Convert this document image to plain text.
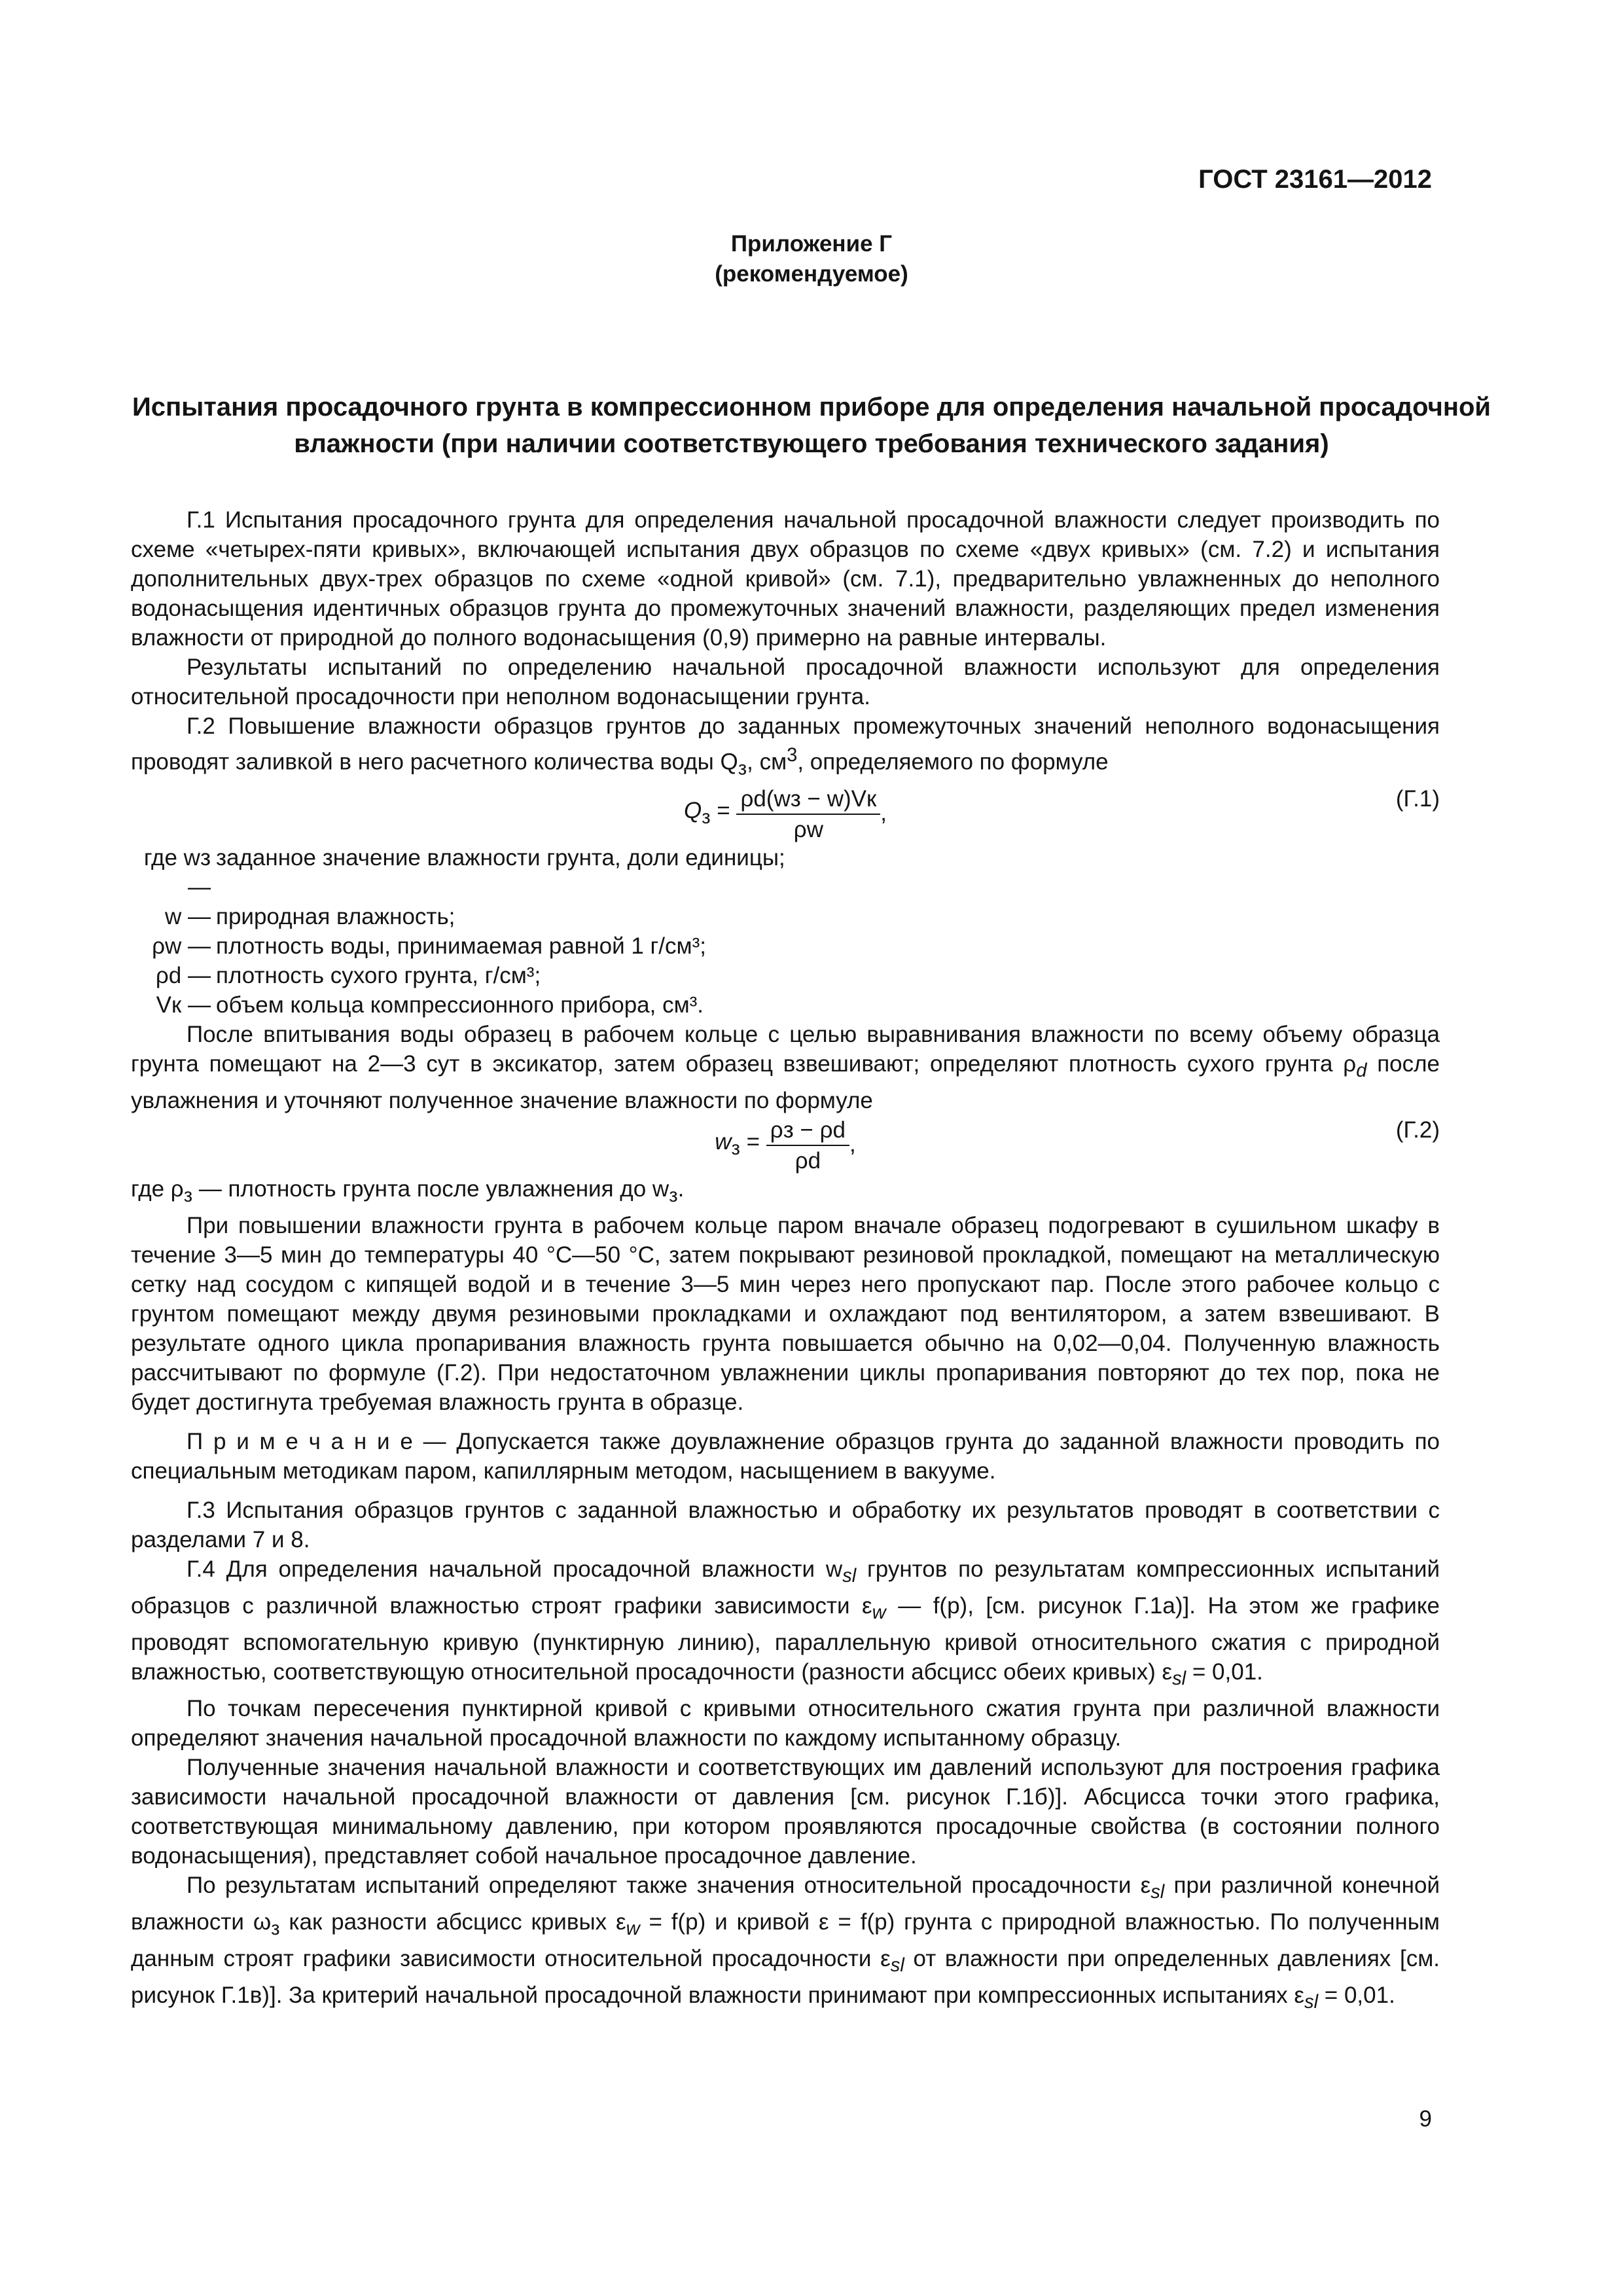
ГОСТ 23161—2012
Приложение Г
(рекомендуемое)
Испытания просадочного грунта в компрессионном приборе для определения начальной просадочной влажности (при наличии соответствующего требования технического задания)

Г.1 Испытания просадочного грунта для определения начальной просадочной влажности следует производить по схеме «четырех-пяти кривых», включающей испытания двух образцов по схеме «двух кривых» (см. 7.2) и испытания дополнительных двух-трех образцов по схеме «одной кривой» (см. 7.1), предварительно увлажненных до неполного водонасыщения идентичных образцов грунта до промежуточных значений влажности, разделяющих предел изменения влажности от природной до полного водонасыщения (0,9) примерно на равные интервалы.

Результаты испытаний по определению начальной просадочной влажности используют для определения относительной просадочности при неполном водонасыщении грунта.

Г.2 Повышение влажности образцов грунтов до заданных промежуточных значений неполного водонасыщения проводят заливкой в него расчетного количества воды $Q_з$, $см^3$, определяемого по формуле

$Q_з = \frac{\rho d(wз - w)Vк}{\rho w}$ ,
(Г.1)
где wз —
заданное значение влажности грунта, доли единицы;
w — природная влажность;
ρw — плотность воды, принимаемая равной 1 г/см³;
ρd — плотность сухого грунта, г/см³;
Vк — объем кольца компрессионного прибора, см³.

После впитывания воды образец в рабочем кольце с целью выравнивания влажности по всему объему образца грунта помещают на 2—3 сут в эксикатор, затем образец взвешивают; определяют плотность сухого грунта $\rho_d$ после увлажнения и уточняют полученное значение влажности по формуле

$w_з = \frac{\rho з - \rho d}{\rho d}$ ,
(Г.2)
где $\rho_з$ — плотность грунта после увлажнения до $w_з$.

При повышении влажности грунта в рабочем кольце паром вначале образец подогревают в сушильном шкафу в течение 3—5 мин до температуры 40 °С—50 °С, затем покрывают резиновой прокладкой, помещают на металлическую сетку над сосудом с кипящей водой и в течение 3—5 мин через него пропускают пар. После этого рабочее кольцо с грунтом помещают между двумя резиновыми прокладками и охлаждают под вентилятором, а затем взвешивают. В результате одного цикла пропаривания влажность грунта повышается обычно на 0,02—0,04. Полученную влажность рассчитывают по формуле (Г.2). При недостаточном увлажнении циклы пропаривания повторяют до тех пор, пока не будет достигнута требуемая влажность грунта в образце.

П р и м е ч а н и е — Допускается также доувлажнение образцов грунта до заданной влажности проводить по специальным методикам паром, капиллярным методом, насыщением в вакууме.

Г.3 Испытания образцов грунтов с заданной влажностью и обработку их результатов проводят в соответствии с разделами 7 и 8.

Г.4 Для определения начальной просадочной влажности $w_{sl}$ грунтов по результатам компрессионных испытаний образцов с различной влажностью строят графики зависимости $\varepsilon_w$ — f(p), [см. рисунок Г.1а)]. На этом же графике проводят вспомогательную кривую (пунктирную линию), параллельную кривой относительного сжатия с природной влажностью, соответствующую относительной просадочности (разности абсцисс обеих кривых) $\varepsilon_{sl} = 0,01$.

По точкам пересечения пунктирной кривой с кривыми относительного сжатия грунта при различной влажности определяют значения начальной просадочной влажности по каждому испытанному образцу.

Полученные значения начальной влажности и соответствующих им давлений используют для построения графика зависимости начальной просадочной влажности от давления [см. рисунок Г.1б)]. Абсцисса точки этого графика, соответствующая минимальному давлению, при котором проявляются просадочные свойства (в состоянии полного водонасыщения), представляет собой начальное просадочное давление.

По результатам испытаний определяют также значения относительной просадочности $\varepsilon_{sl}$ при различной конечной влажности $\omega_з$ как разности абсцисс кривых $\varepsilon_w = f(p)$ и кривой ε = f(p) грунта с природной влажностью. По полученным данным строят графики зависимости относительной просадочности $\varepsilon_{sl}$ от влажности при определенных давлениях [см. рисунок Г.1в)]. За критерий начальной просадочной влажности принимают при компрессионных испытаниях $\varepsilon_{sl} = 0,01$.

9
